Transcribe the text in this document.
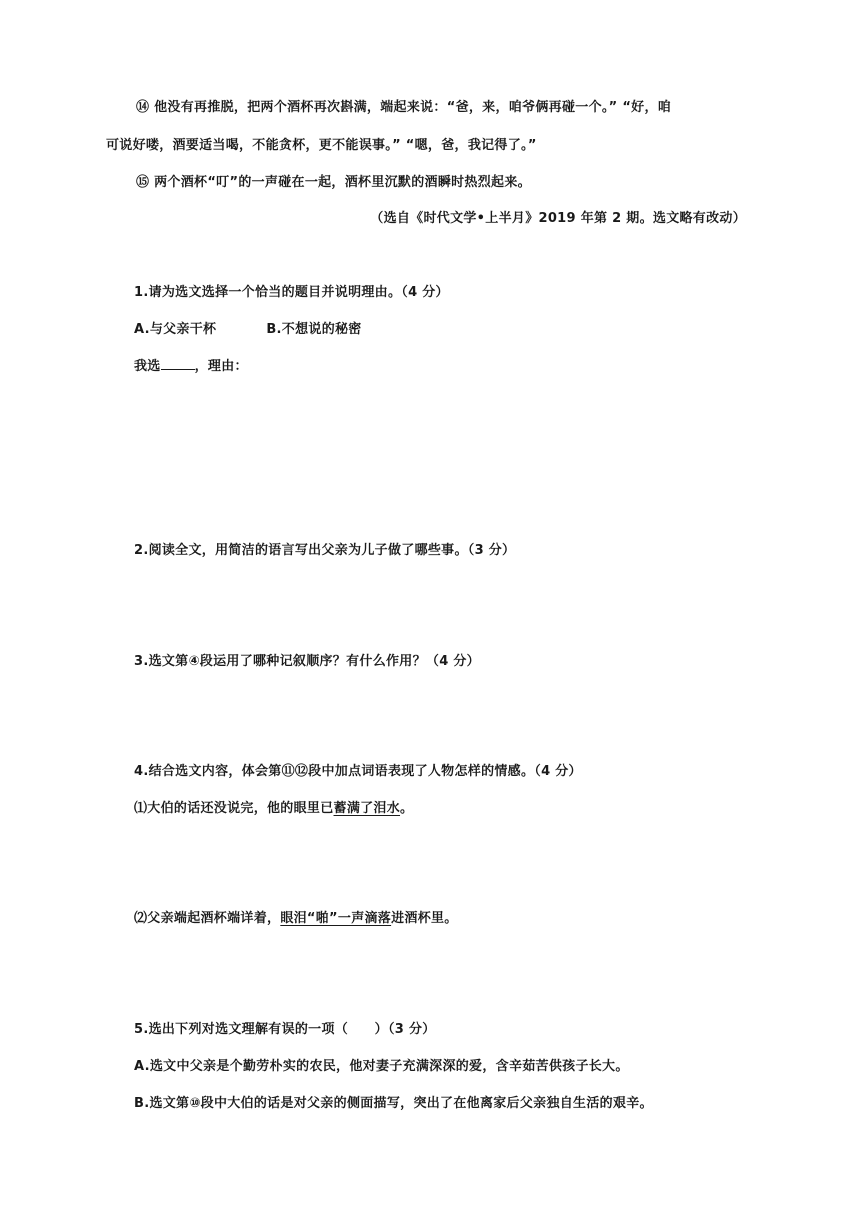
⑭ 他没有再推脱，把两个酒杯再次斟满，端起来说：“爸，来，咱爷俩再碰一个。” “好，咱
可说好喽，酒要适当喝，不能贪杯，更不能误事。” “嗯，爸，我记得了。”
⑮ 两个酒杯“叮”的一声碰在一起，酒杯里沉默的酒瞬时热烈起来。
（选自《时代文学•上半月》2019 年第 2 期。选文略有改动）
1.请为选文选择一个恰当的题目并说明理由。（4 分）
A.与父亲干杯	B.不想说的秘密
我选	，理由：
2.阅读全文，用简洁的语言写出父亲为儿子做了哪些事。（3 分）
3.选文第④段运用了哪种记叙顺序？有什么作用？（4 分）
4.结合选文内容，体会第⑪⑫段中加点词语表现了人物怎样的情感。（4 分）
⑴大伯的话还没说完，他的眼里已蓄满了泪水。
⑵父亲端起酒杯端详着，眼泪“啪”一声滴落进酒杯里。
5.选出下列对选文理解有误的一项（　　）（3 分）
A.选文中父亲是个勤劳朴实的农民，他对妻子充满深深的爱，含辛茹苦供孩子长大。
B.选文第⑩段中大伯的话是对父亲的侧面描写，突出了在他离家后父亲独自生活的艰辛。
